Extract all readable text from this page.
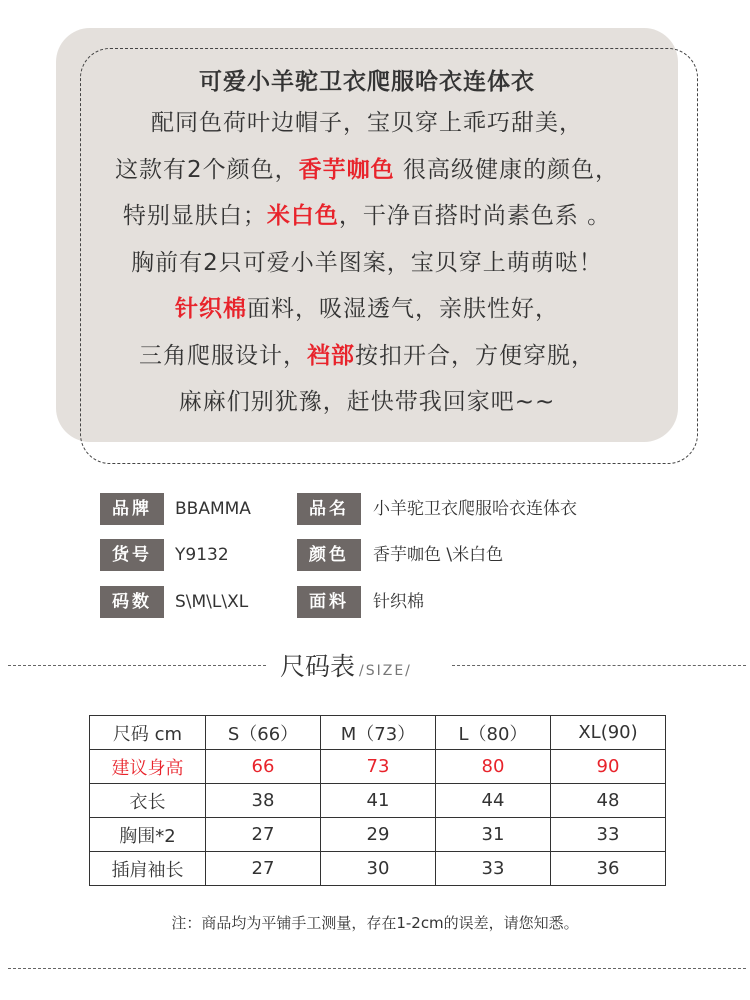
可爱小羊驼卫衣爬服哈衣连体衣
配同色荷叶边帽子，宝贝穿上乖巧甜美，
这款有2个颜色，香芋咖色 很高级健康的颜色，
特别显肤白；米白色，干净百搭时尚素色系 。
胸前有2只可爱小羊图案，宝贝穿上萌萌哒！
针织棉面料，吸湿透气，亲肤性好，
三角爬服设计，裆部按扣开合，方便穿脱，
麻麻们别犹豫，赶快带我回家吧~~
品牌	BBAMMA	品名	小羊驼卫衣爬服哈衣连体衣
货号	Y9132	颜色	香芋咖色 \米白色
码数	S\M\L\XL	面料	针织棉
尺码表 /SIZE/
尺码 cm	S（66）	M（73）	L（80）	XL(90)
建议身高	66	73	80	90
衣长	38	41	44	48
胸围*2	27	29	31	33
插肩袖长	27	30	33	36
注：商品均为平铺手工测量，存在1-2cm的误差，请您知悉。
